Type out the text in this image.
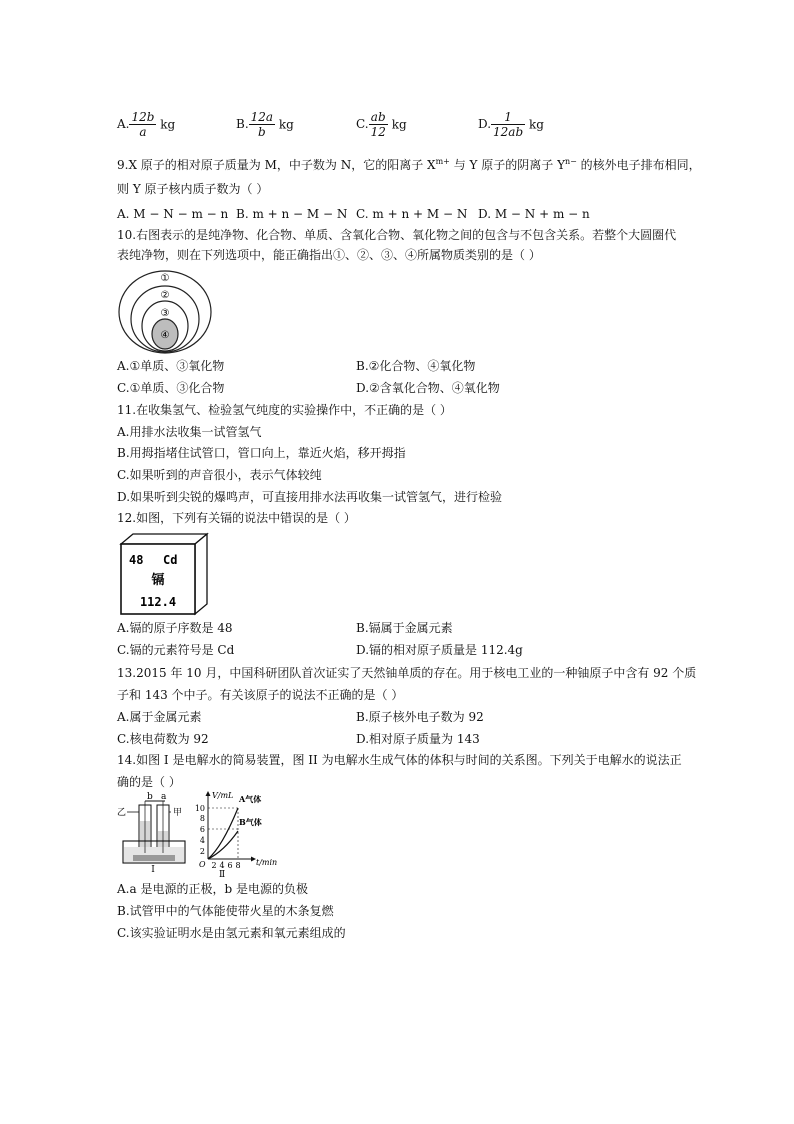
A. $\frac{12b}{a}$ kg	B. $\frac{12a}{b}$ kg	C. $\frac{ab}{12}$ kg	D. $\frac{1}{12ab}$ kg
9.X 原子的相对原子质量为 M，中子数为 N，它的阳离子 $X^{m+}$ 与 Y 原子的阴离子 $Y^{n-}$ 的核外电子排布相同，
则 Y 原子核内质子数为（ ）
A. M − N − m − n B. m + n − M − N C. m + n + M − N D. M − N + m − n
10.右图表示的是纯净物、化合物、单质、含氧化合物、氧化物之间的包含与不包含关系。若整个大圆圈代
表纯净物，则在下列选项中，能正确指出①、②、③、④所属物质类别的是（ ）
①
②
③
④
A.①单质、③氧化物	B.②化合物、④氧化物
C.①单质、③化合物	D.②含氧化合物、④氧化物
11.在收集氢气、检验氢气纯度的实验操作中，不正确的是（ ）
A.用排水法收集一试管氢气
B.用拇指堵住试管口，管口向上，靠近火焰，移开拇指
C.如果听到的声音很小，表示气体较纯
D.如果听到尖锐的爆鸣声，可直接用排水法再收集一试管氢气，进行检验
12.如图，下列有关镉的说法中错误的是（ ）
48 Cd
镉
112.4
A.镉的原子序数是 48	B.镉属于金属元素
C.镉的元素符号是 Cd	D.镉的相对原子质量是 112.4g
13.2015 年 10 月，中国科研团队首次证实了天然铀单质的存在。用于核电工业的一种铀原子中含有 92 个质
子和 143 个中子。有关该原子的说法不正确的是（ ）
A.属于金属元素	B.原子核外电子数为 92
C.核电荷数为 92	D.相对原子质量为 143
14.如图 I 是电解水的简易装置，图 II 为电解水生成气体的体积与时间的关系图。下列关于电解水的说法正
确的是（ ）
b a
乙	甲
Ⅰ
V/mL
t/min
O
10
8
6
4
2
2 4 6 8
A气体
B气体
Ⅱ
A.a 是电源的正极，b 是电源的负极
B.试管甲中的气体能使带火星的木条复燃
C.该实验证明水是由氢元素和氧元素组成的
